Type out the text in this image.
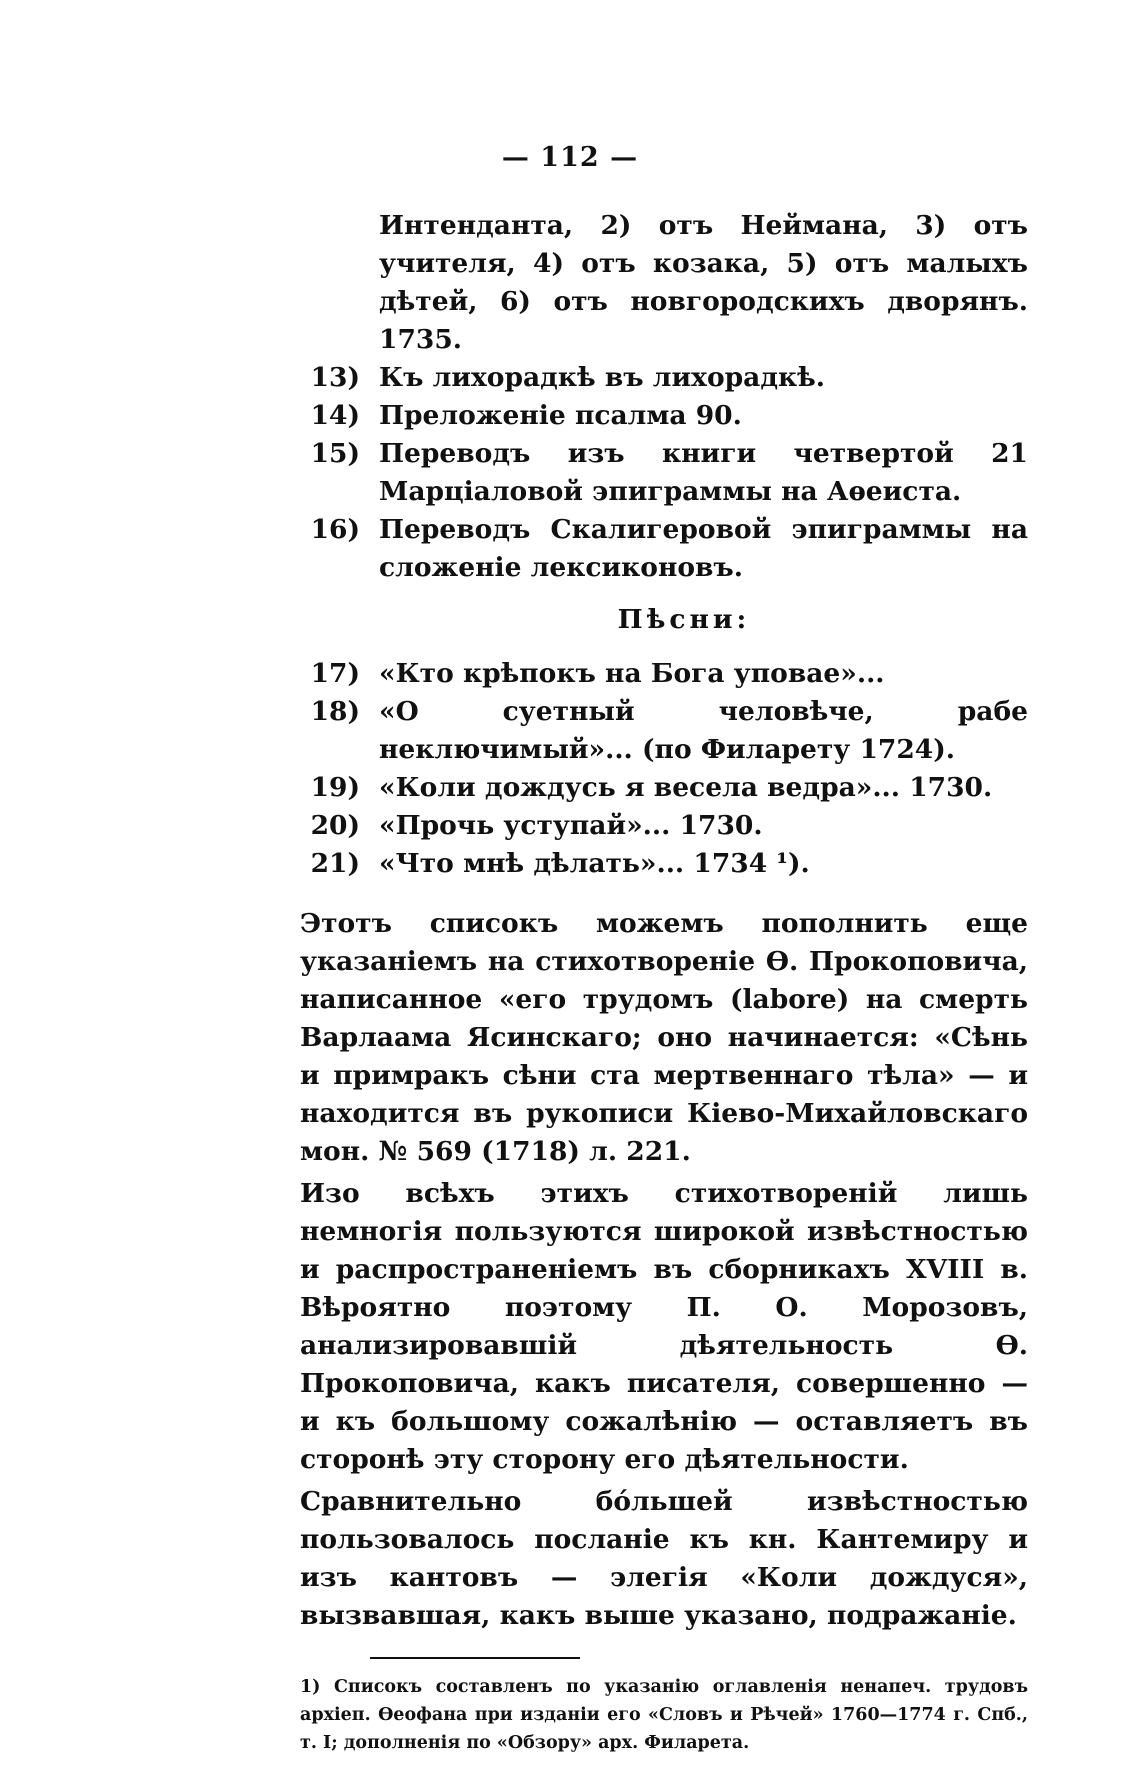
— 112 —
Интенданта, 2) отъ Неймана, 3) отъ учителя, 4) отъ козака, 5) отъ малыхъ дѣтей, 6) отъ новгородскихъ дворянъ. 1735.
13) Къ лихорадкѣ въ лихорадкѣ.
14) Преложеніе псалма 90.
15) Переводъ изъ книги четвертой 21 Марціаловой эпиграммы на Аѳеиста.
16) Переводъ Скалигеровой эпиграммы на сложеніе лексиконовъ.
Пѣсни:
17) «Кто крѣпокъ на Бога уповае»...
18) «О суетный человѣче, рабе неключимый»... (по Филарету 1724).
19) «Коли дождусь я весела ведра»... 1730.
20) «Прочь уступай»... 1730.
21) «Что мнѣ дѣлать»... 1734 ¹).

Этотъ списокъ можемъ пополнить еще указаніемъ на стихотвореніе Ѳ. Прокоповича, написанное «его трудомъ (labore) на смерть Варлаама Ясинскаго; оно начинается: «Сѣнь и примракъ сѣни ста мертвеннаго тѣла» — и находится въ рукописи Кіево-Михайловскаго мон. № 569 (1718) л. 221.

Изо всѣхъ этихъ стихотвореній лишь немногія пользуются широкой извѣстностью и распространеніемъ въ сборникахъ XVIII в. Вѣроятно поэтому П. О. Морозовъ, анализировавшій дѣятельность Ѳ. Прокоповича, какъ писателя, совершенно — и къ большому сожалѣнію — оставляетъ въ сторонѣ эту сторону его дѣятельности.

Сравнительно бóльшей извѣстностью пользовалось посланіе къ кн. Кантемиру и изъ кантовъ — элегія «Коли дождуся», вызвавшая, какъ выше указано, подражаніе.

1) Списокъ составленъ по указанію оглавленія ненапеч. трудовъ архіеп. Ѳеофана при изданіи его «Словъ и Рѣчей» 1760—1774 г. Спб., т. I; дополненія по «Обзору» арх. Филарета.
